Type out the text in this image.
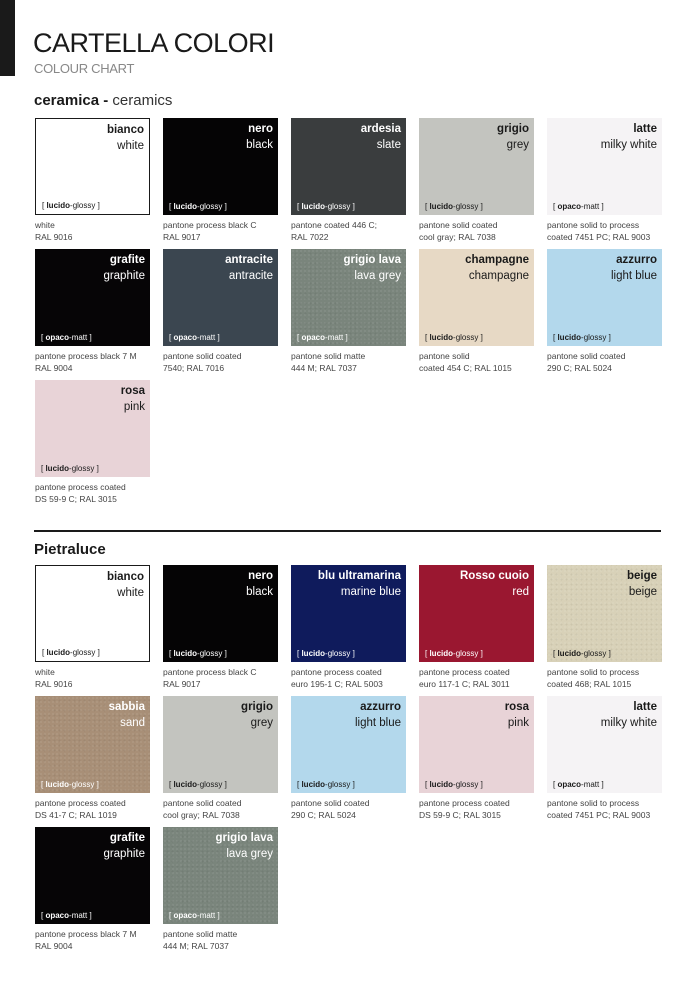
CARTELLA COLORI
COLOUR CHART
ceramica - ceramics
bianco
white
[ lucido-glossy ]
white
RAL 9016
nero
black
[ lucido-glossy ]
pantone process black C
RAL 9017
ardesia
slate
[ lucido-glossy ]
pantone coated 446 C;
RAL 7022
grigio
grey
[ lucido-glossy ]
pantone solid coated
cool gray; RAL 7038
latte
milky white
[ opaco-matt ]
pantone solid to process
coated 7451 PC; RAL 9003
grafite
graphite
[ opaco-matt ]
pantone process black 7 M
RAL 9004
antracite
antracite
[ opaco-matt ]
pantone solid coated
7540; RAL 7016
grigio lava
lava grey
[ opaco-matt ]
pantone solid matte
444 M; RAL 7037
champagne
champagne
[ lucido-glossy ]
pantone solid
coated 454 C; RAL 1015
azzurro
light blue
[ lucido-glossy ]
pantone solid coated
290 C; RAL 5024
rosa
pink
[ lucido-glossy ]
pantone process coated
DS 59-9 C; RAL 3015
Pietraluce
bianco
white
[ lucido-glossy ]
white
RAL 9016
nero
black
[ lucido-glossy ]
pantone process black C
RAL 9017
blu ultramarina
marine blue
[ lucido-glossy ]
pantone process coated
euro 195-1 C; RAL 5003
Rosso cuoio
red
[ lucido-glossy ]
pantone process coated
euro 117-1 C; RAL 3011
beige
beige
[ lucido-glossy ]
pantone solid to process
coated 468; RAL 1015
sabbia
sand
[ lucido-glossy ]
pantone process coated
DS 41-7 C; RAL 1019
grigio
grey
[ lucido-glossy ]
pantone solid coated
cool gray; RAL 7038
azzurro
light blue
[ lucido-glossy ]
pantone solid coated
290 C; RAL 5024
rosa
pink
[ lucido-glossy ]
pantone process coated
DS 59-9 C; RAL 3015
latte
milky white
[ opaco-matt ]
pantone solid to process
coated 7451 PC; RAL 9003
grafite
graphite
[ opaco-matt ]
pantone process black 7 M
RAL 9004
grigio lava
lava grey
[ opaco-matt ]
pantone solid matte
444 M; RAL 7037
